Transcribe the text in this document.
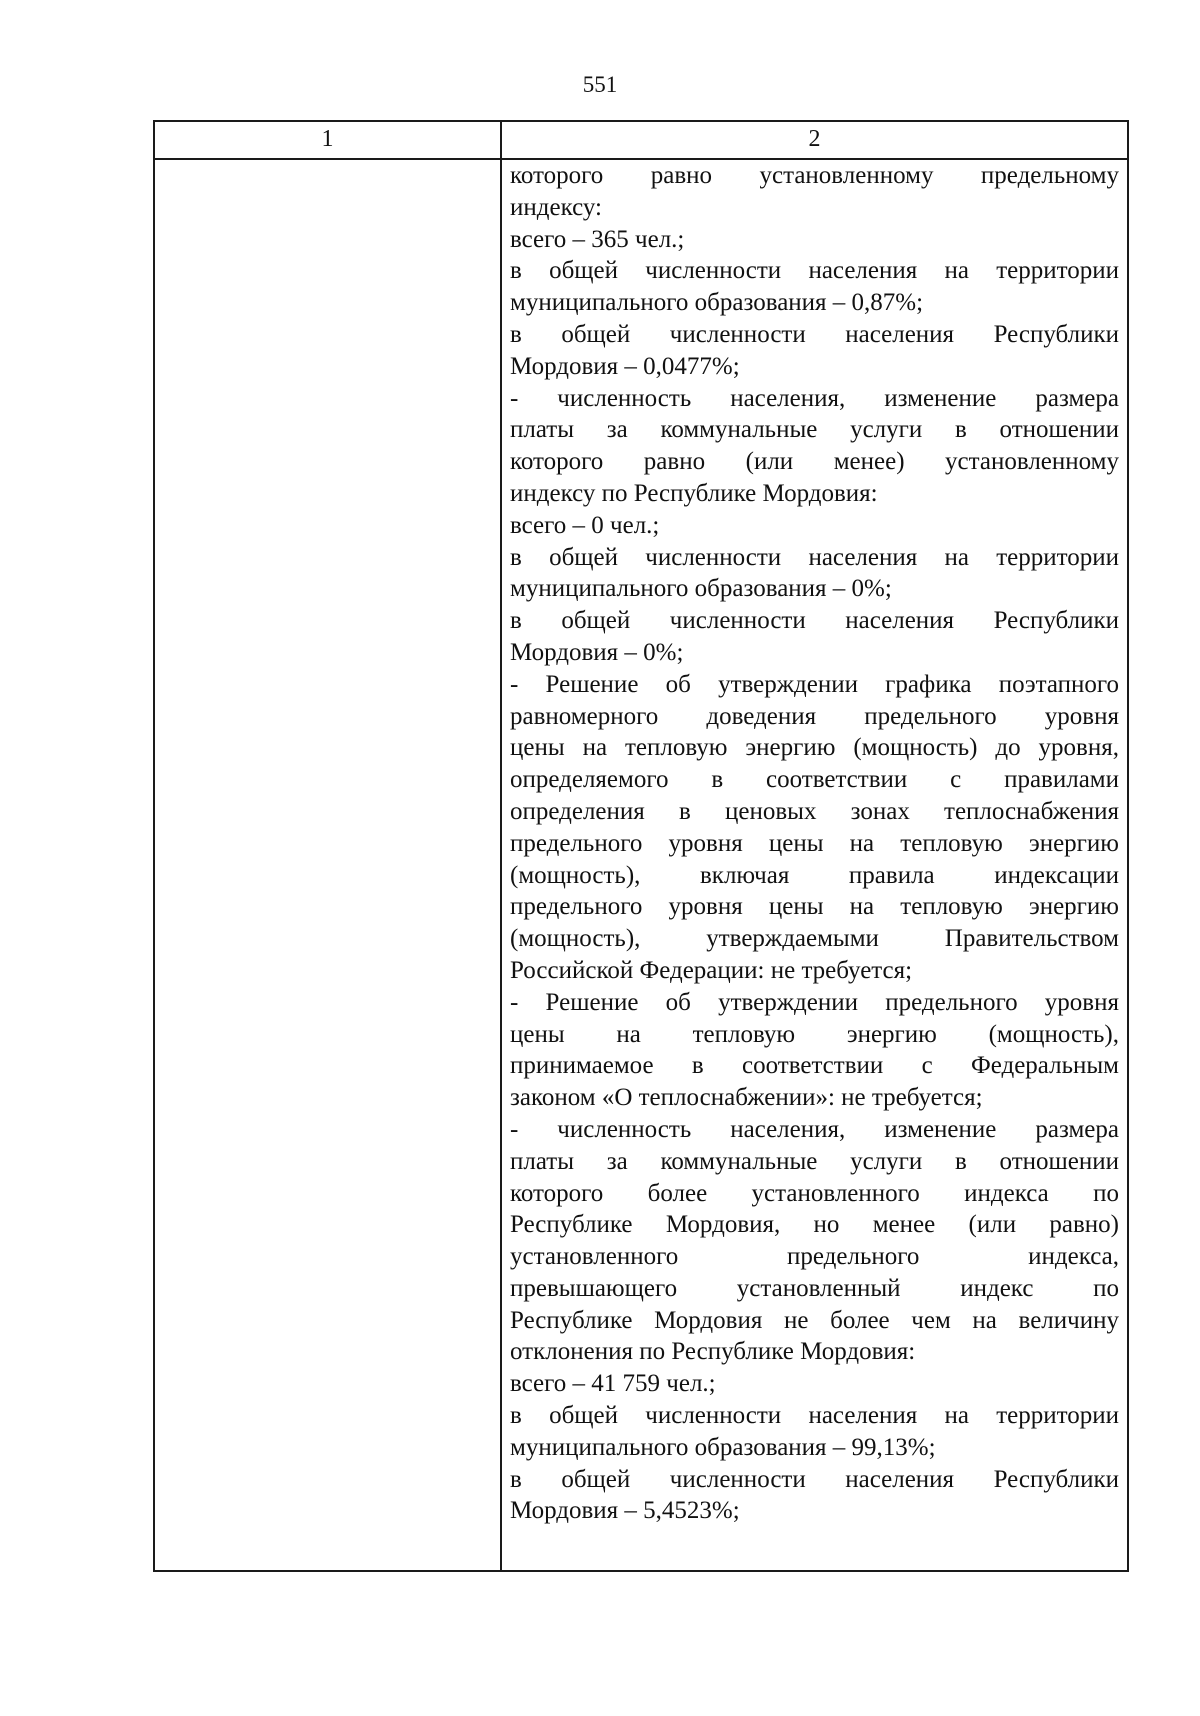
551
1	2
которого равно установленному предельному
индексу:
всего – 365 чел.;
в общей численности населения на территории
муниципального образования – 0,87%;
в общей численности населения Республики
Мордовия – 0,0477%;
- численность населения, изменение размера
платы за коммунальные услуги в отношении
которого равно (или менее) установленному
индексу по Республике Мордовия:
всего – 0 чел.;
в общей численности населения на территории
муниципального образования – 0%;
в общей численности населения Республики
Мордовия – 0%;
- Решение об утверждении графика поэтапного
равномерного доведения предельного уровня
цены на тепловую энергию (мощность) до уровня,
определяемого в соответствии с правилами
определения в ценовых зонах теплоснабжения
предельного уровня цены на тепловую энергию
(мощность), включая правила индексации
предельного уровня цены на тепловую энергию
(мощность), утверждаемыми Правительством
Российской Федерации: не требуется;
- Решение об утверждении предельного уровня
цены на тепловую энергию (мощность),
принимаемое в соответствии с Федеральным
законом «О теплоснабжении»: не требуется;
- численность населения, изменение размера
платы за коммунальные услуги в отношении
которого более установленного индекса по
Республике Мордовия, но менее (или равно)
установленного предельного индекса,
превышающего установленный индекс по
Республике Мордовия не более чем на величину
отклонения по Республике Мордовия:
всего – 41 759 чел.;
в общей численности населения на территории
муниципального образования – 99,13%;
в общей численности населения Республики
Мордовия – 5,4523%;
